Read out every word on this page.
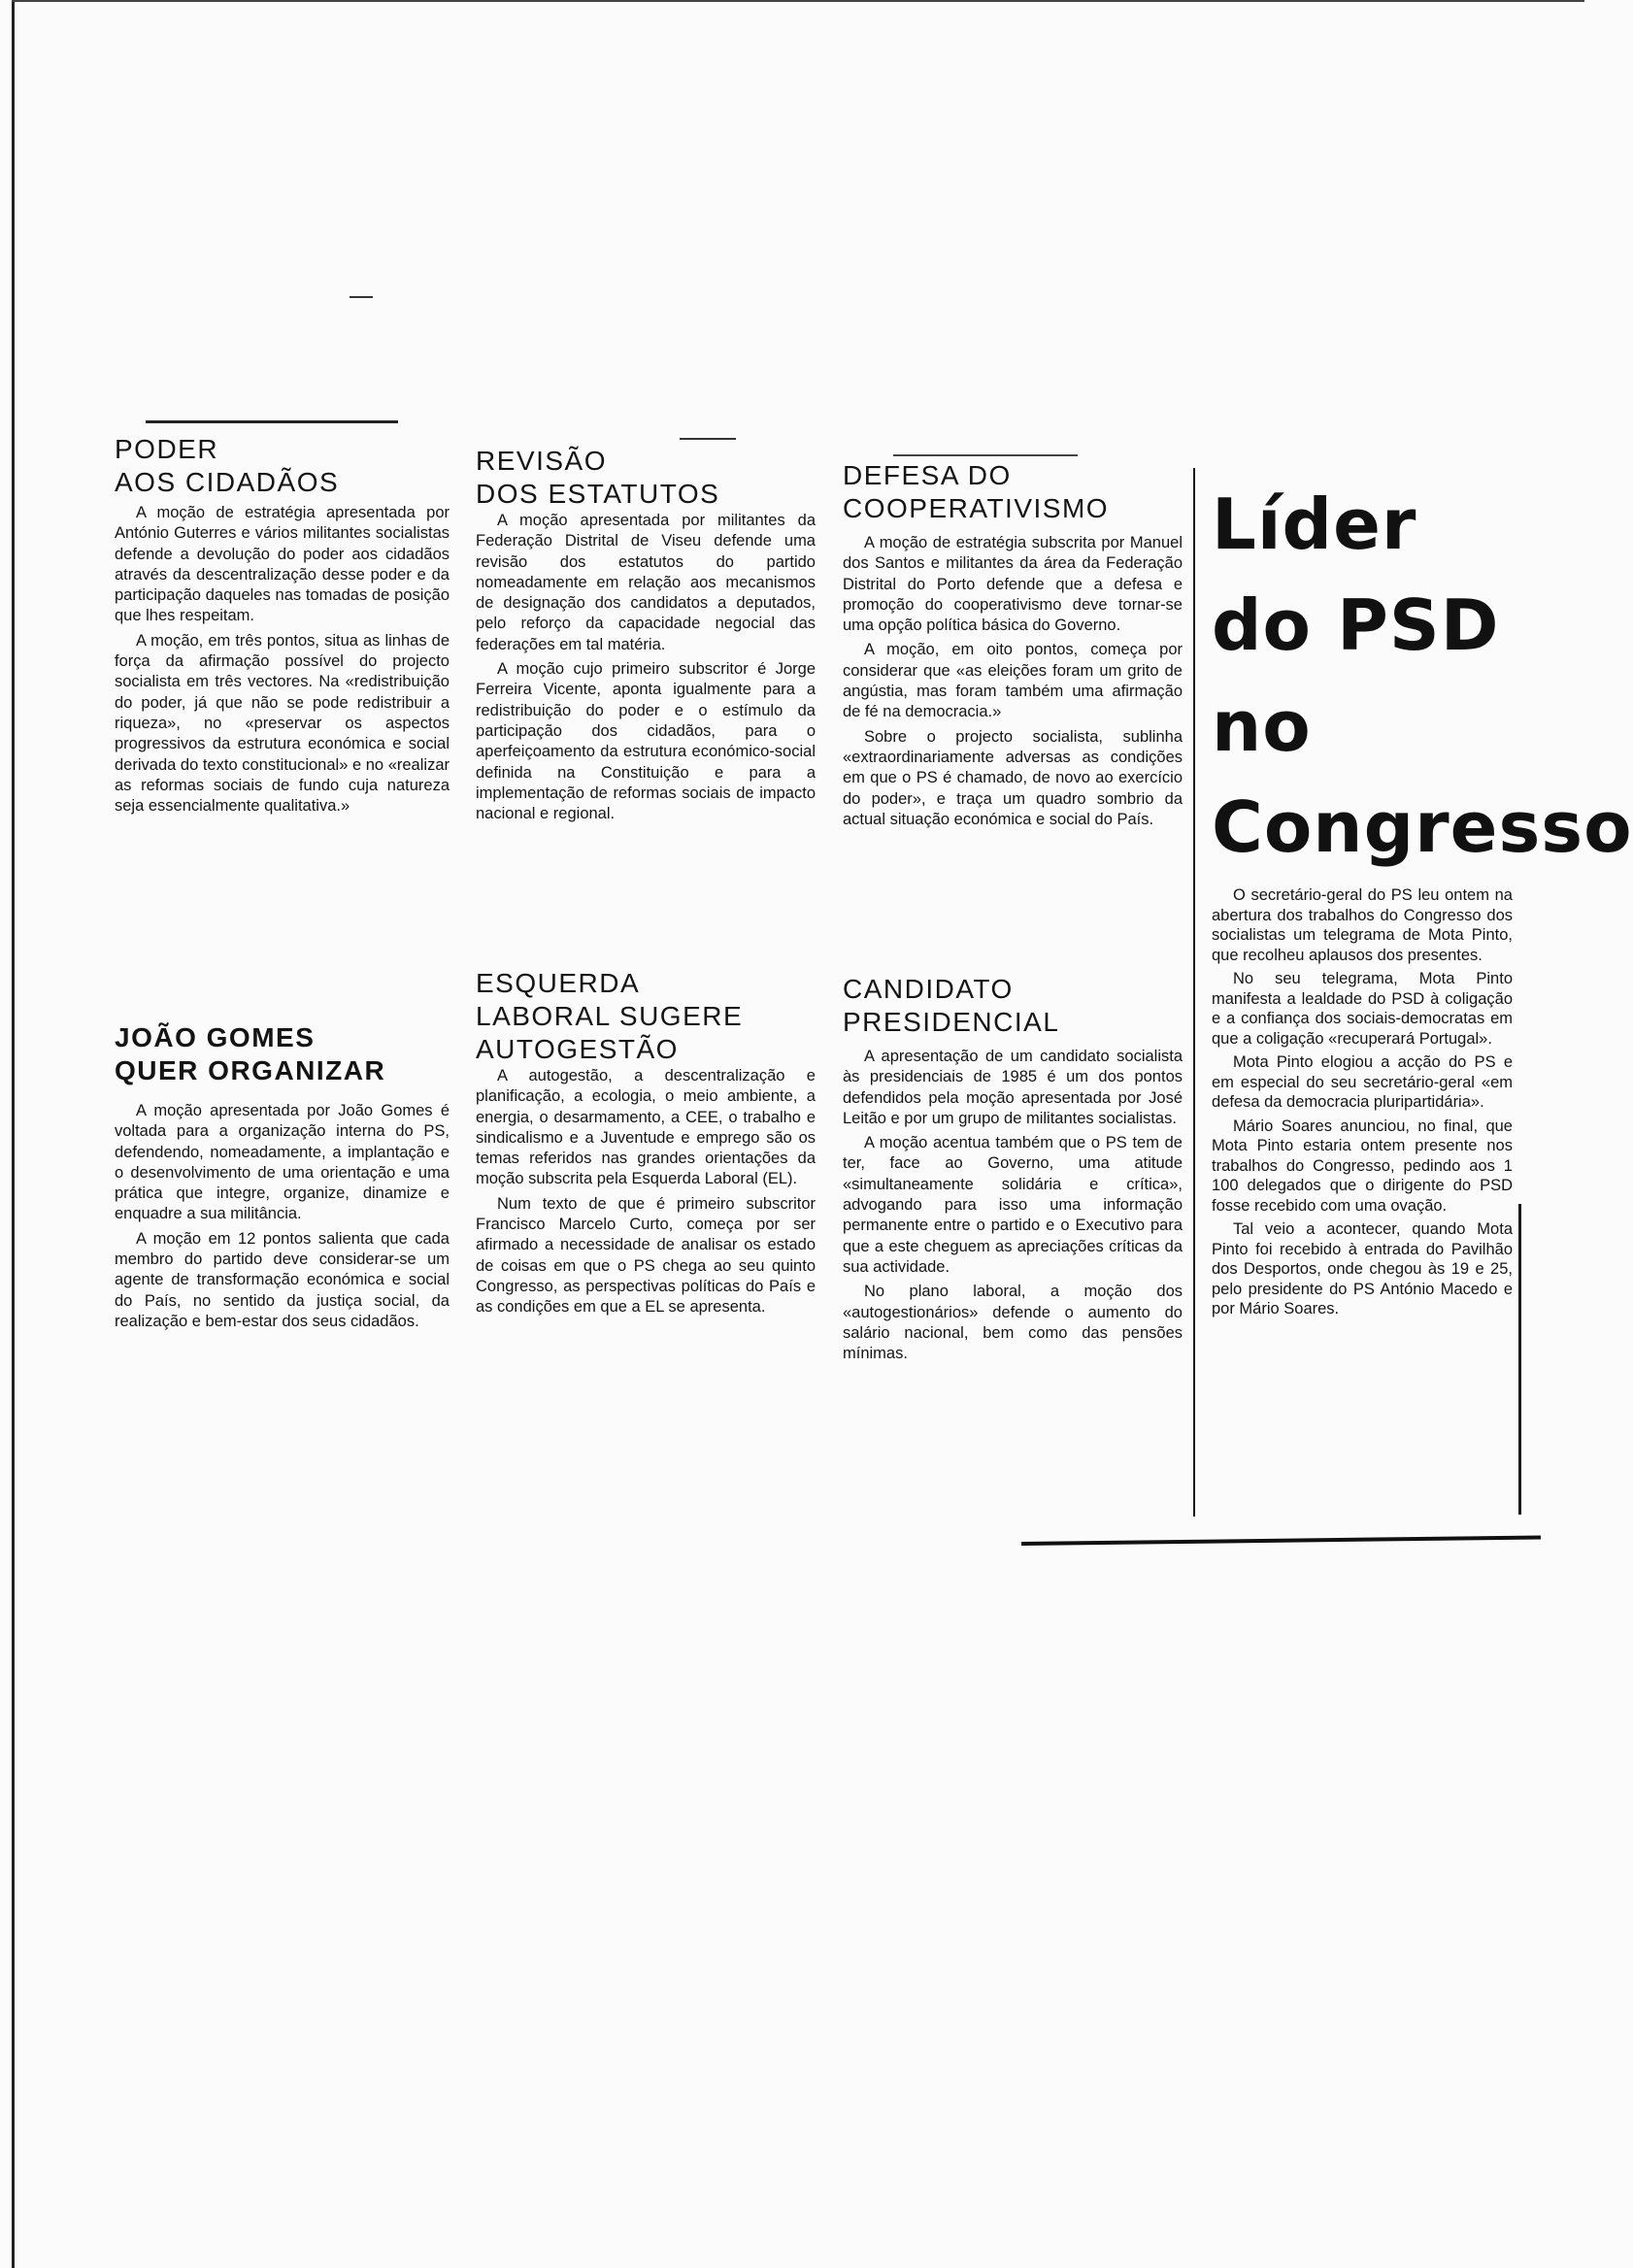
PODER
AOS CIDADÃOS

A moção de estratégia apresentada por António Guterres e vários militantes socialistas defende a devolução do poder aos cidadãos através da descentralização desse poder e da participação daqueles nas tomadas de posição que lhes respeitam.

A moção, em três pontos, situa as linhas de força da afirmação possível do projecto socialista em três vectores. Na «redistribuição do poder, já que não se pode redistribuir a riqueza», no «preservar os aspectos progressivos da estrutura económica e social derivada do texto constitucional» e no «realizar as reformas sociais de fundo cuja natureza seja essencialmente qualitativa.»

JOÃO GOMES
QUER ORGANIZAR

A moção apresentada por João Gomes é voltada para a organização interna do PS, defendendo, nomeadamente, a implantação e o desenvolvimento de uma orientação e uma prática que integre, organize, dinamize e enquadre a sua militância.

A moção em 12 pontos salienta que cada membro do partido deve considerar-se um agente de transformação económica e social do País, no sentido da justiça social, da realização e bem-estar dos seus cidadãos.

REVISÃO
DOS ESTATUTOS

A moção apresentada por militantes da Federação Distrital de Viseu defende uma revisão dos estatutos do partido nomeadamente em relação aos mecanismos de designação dos candidatos a deputados, pelo reforço da capacidade negocial das federações em tal matéria.

A moção cujo primeiro subscritor é Jorge Ferreira Vicente, aponta igualmente para a redistribuição do poder e o estímulo da participação dos cidadãos, para o aperfeiçoamento da estrutura económico-social definida na Constituição e para a implementação de reformas sociais de impacto nacional e regional.

ESQUERDA
LABORAL SUGERE
AUTOGESTÃO

A autogestão, a descentralização e planificação, a ecologia, o meio ambiente, a energia, o desarmamento, a CEE, o trabalho e sindicalismo e a Juventude e emprego são os temas referidos nas grandes orientações da moção subscrita pela Esquerda Laboral (EL).

Num texto de que é primeiro subscritor Francisco Marcelo Curto, começa por ser afirmado a necessidade de analisar os estado de coisas em que o PS chega ao seu quinto Congresso, as perspectivas políticas do País e as condições em que a EL se apresenta.

DEFESA DO
COOPERATIVISMO

A moção de estratégia subscrita por Manuel dos Santos e militantes da área da Federação Distrital do Porto defende que a defesa e promoção do cooperativismo deve tornar-se uma opção política básica do Governo.

A moção, em oito pontos, começa por considerar que «as eleições foram um grito de angústia, mas foram também uma afirmação de fé na democracia.»

Sobre o projecto socialista, sublinha «extraordinariamente adversas as condições em que o PS é chamado, de novo ao exercício do poder», e traça um quadro sombrio da actual situação económica e social do País.

CANDIDATO
PRESIDENCIAL

A apresentação de um candidato socialista às presidenciais de 1985 é um dos pontos defendidos pela moção apresentada por José Leitão e por um grupo de militantes socialistas.

A moção acentua também que o PS tem de ter, face ao Governo, uma atitude «simultaneamente solidária e crítica», advogando para isso uma informação permanente entre o partido e o Executivo para que a este cheguem as apreciações críticas da sua actividade.

No plano laboral, a moção dos «autogestionários» defende o aumento do salário nacional, bem como das pensões mínimas.

Líder
do PSD
no
Congresso

O secretário-geral do PS leu ontem na abertura dos trabalhos do Congresso dos socialistas um telegrama de Mota Pinto, que recolheu aplausos dos presentes.

No seu telegrama, Mota Pinto manifesta a lealdade do PSD à coligação e a confiança dos sociais-democratas em que a coligação «recuperará Portugal».

Mota Pinto elogiou a acção do PS e em especial do seu secretário-geral «em defesa da democracia pluripartidária».

Mário Soares anunciou, no final, que Mota Pinto estaria ontem presente nos trabalhos do Congresso, pedindo aos 1 100 delegados que o dirigente do PSD fosse recebido com uma ovação.

Tal veio a acontecer, quando Mota Pinto foi recebido à entrada do Pavilhão dos Desportos, onde chegou às 19 e 25, pelo presidente do PS António Macedo e por Mário Soares.
